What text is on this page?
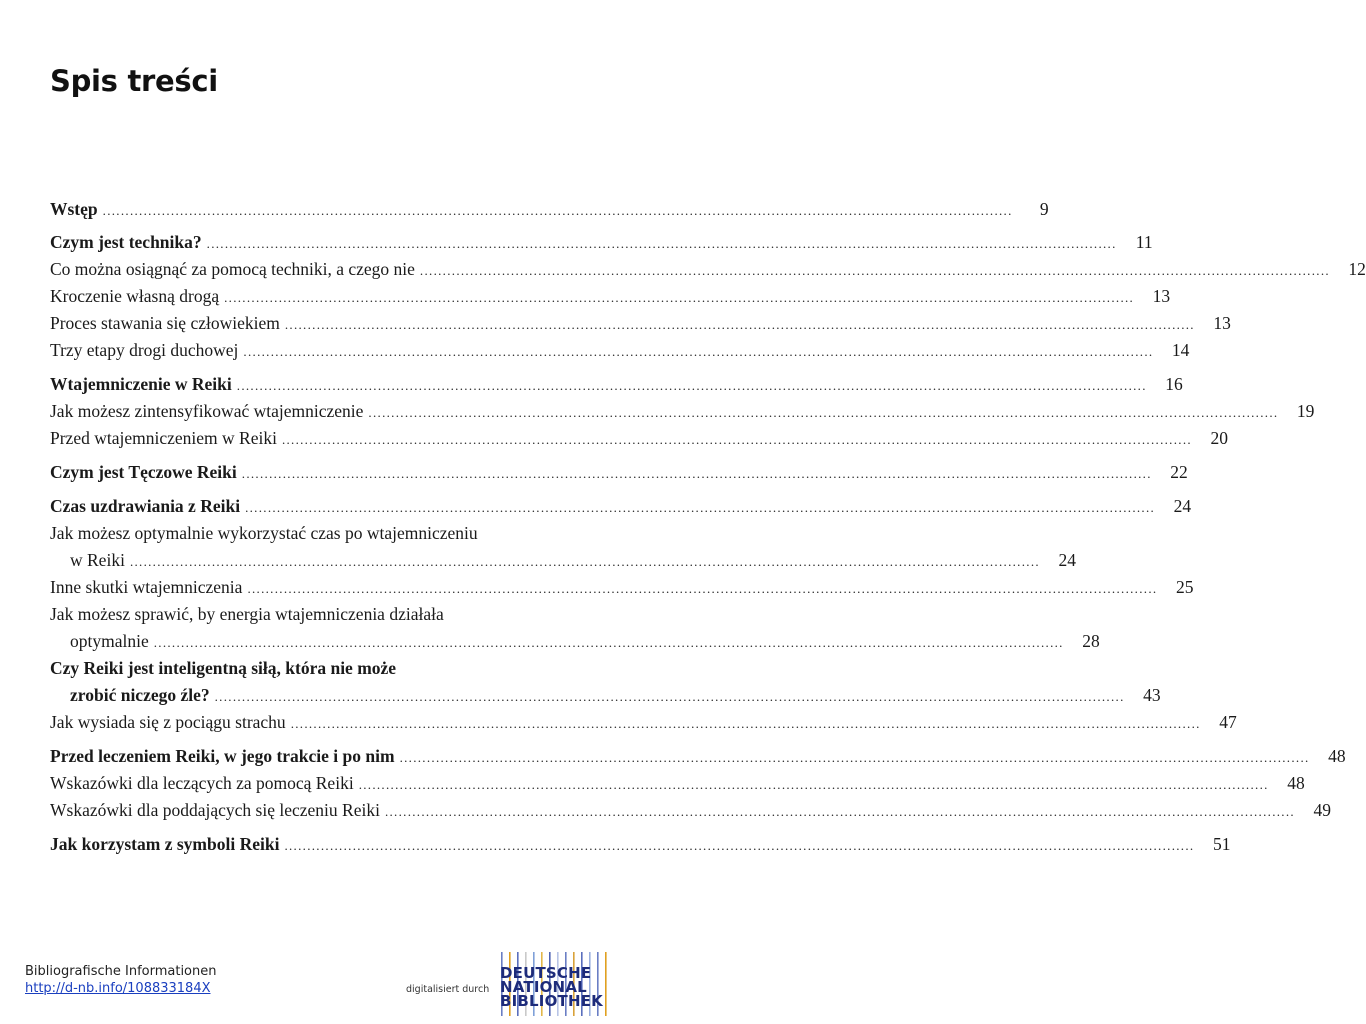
Spis treści
Wstęp ........................................................................................................................................................................................................	9
Czym jest technika? ........................................................................................................................................................................................................	11
Co można osiągnąć za pomocą techniki, a czego nie ........................................................................................................................................................................................................	12
Kroczenie własną drogą ........................................................................................................................................................................................................	13
Proces stawania się człowiekiem ........................................................................................................................................................................................................	13
Trzy etapy drogi duchowej ........................................................................................................................................................................................................	14
Wtajemniczenie w Reiki ........................................................................................................................................................................................................	16
Jak możesz zintensyfikować wtajemniczenie ........................................................................................................................................................................................................	19
Przed wtajemniczeniem w Reiki ........................................................................................................................................................................................................	20
Czym jest Tęczowe Reiki ........................................................................................................................................................................................................	22
Czas uzdrawiania z Reiki ........................................................................................................................................................................................................	24
Jak możesz optymalnie wykorzystać czas po wtajemniczeniu
w Reiki ........................................................................................................................................................................................................	24
Inne skutki wtajemniczenia ........................................................................................................................................................................................................	25
Jak możesz sprawić, by energia wtajemniczenia działała
optymalnie ........................................................................................................................................................................................................	28
Czy Reiki jest inteligentną siłą, która nie może
zrobić niczego źle? ........................................................................................................................................................................................................	43
Jak wysiada się z pociągu strachu ........................................................................................................................................................................................................	47
Przed leczeniem Reiki, w jego trakcie i po nim ........................................................................................................................................................................................................	48
Wskazówki dla leczących za pomocą Reiki ........................................................................................................................................................................................................	48
Wskazówki dla poddających się leczeniu Reiki ........................................................................................................................................................................................................	49
Jak korzystam z symboli Reiki ........................................................................................................................................................................................................	51
Bibliografische Informationen
http://d-nb.info/108833184X	digitalisiert durch
DEUTSCHE
NATIONAL
BIBLIOTHEK
